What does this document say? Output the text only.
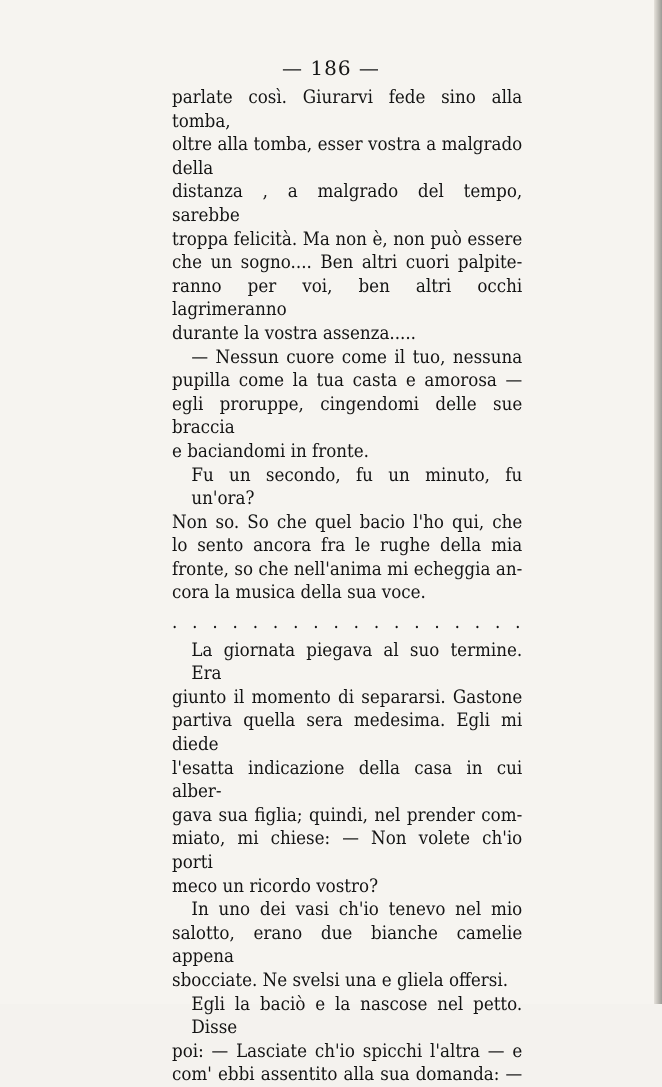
— 186 —
parlate così. Giurarvi fede sino alla tomba,
oltre alla tomba, esser vostra a malgrado della
distanza , a malgrado del tempo, sarebbe
troppa felicità. Ma non è, non può essere
che un sogno.... Ben altri cuori palpite-
ranno per voi, ben altri occhi lagrimeranno
durante la vostra assenza.....
— Nessun cuore come il tuo, nessuna
pupilla come la tua casta e amorosa —
egli proruppe, cingendomi delle sue braccia
e baciandomi in fronte.
Fu un secondo, fu un minuto, fu un'ora?
Non so. So che quel bacio l'ho qui, che
lo sento ancora fra le rughe della mia
fronte, so che nell'anima mi echeggia an-
cora la musica della sua voce.
. . . . . . . . . . . . . . . . . .
La giornata piegava al suo termine. Era
giunto il momento di separarsi. Gastone
partiva quella sera medesima. Egli mi diede
l'esatta indicazione della casa in cui alber-
gava sua figlia; quindi, nel prender com-
miato, mi chiese: — Non volete ch'io porti
meco un ricordo vostro?
In uno dei vasi ch'io tenevo nel mio
salotto, erano due bianche camelie appena
sbocciate. Ne svelsi una e gliela offersi.
Egli la baciò e la nascose nel petto. Disse
poi: — Lasciate ch'io spicchi l'altra — e
com' ebbi assentito alla sua domanda: —
